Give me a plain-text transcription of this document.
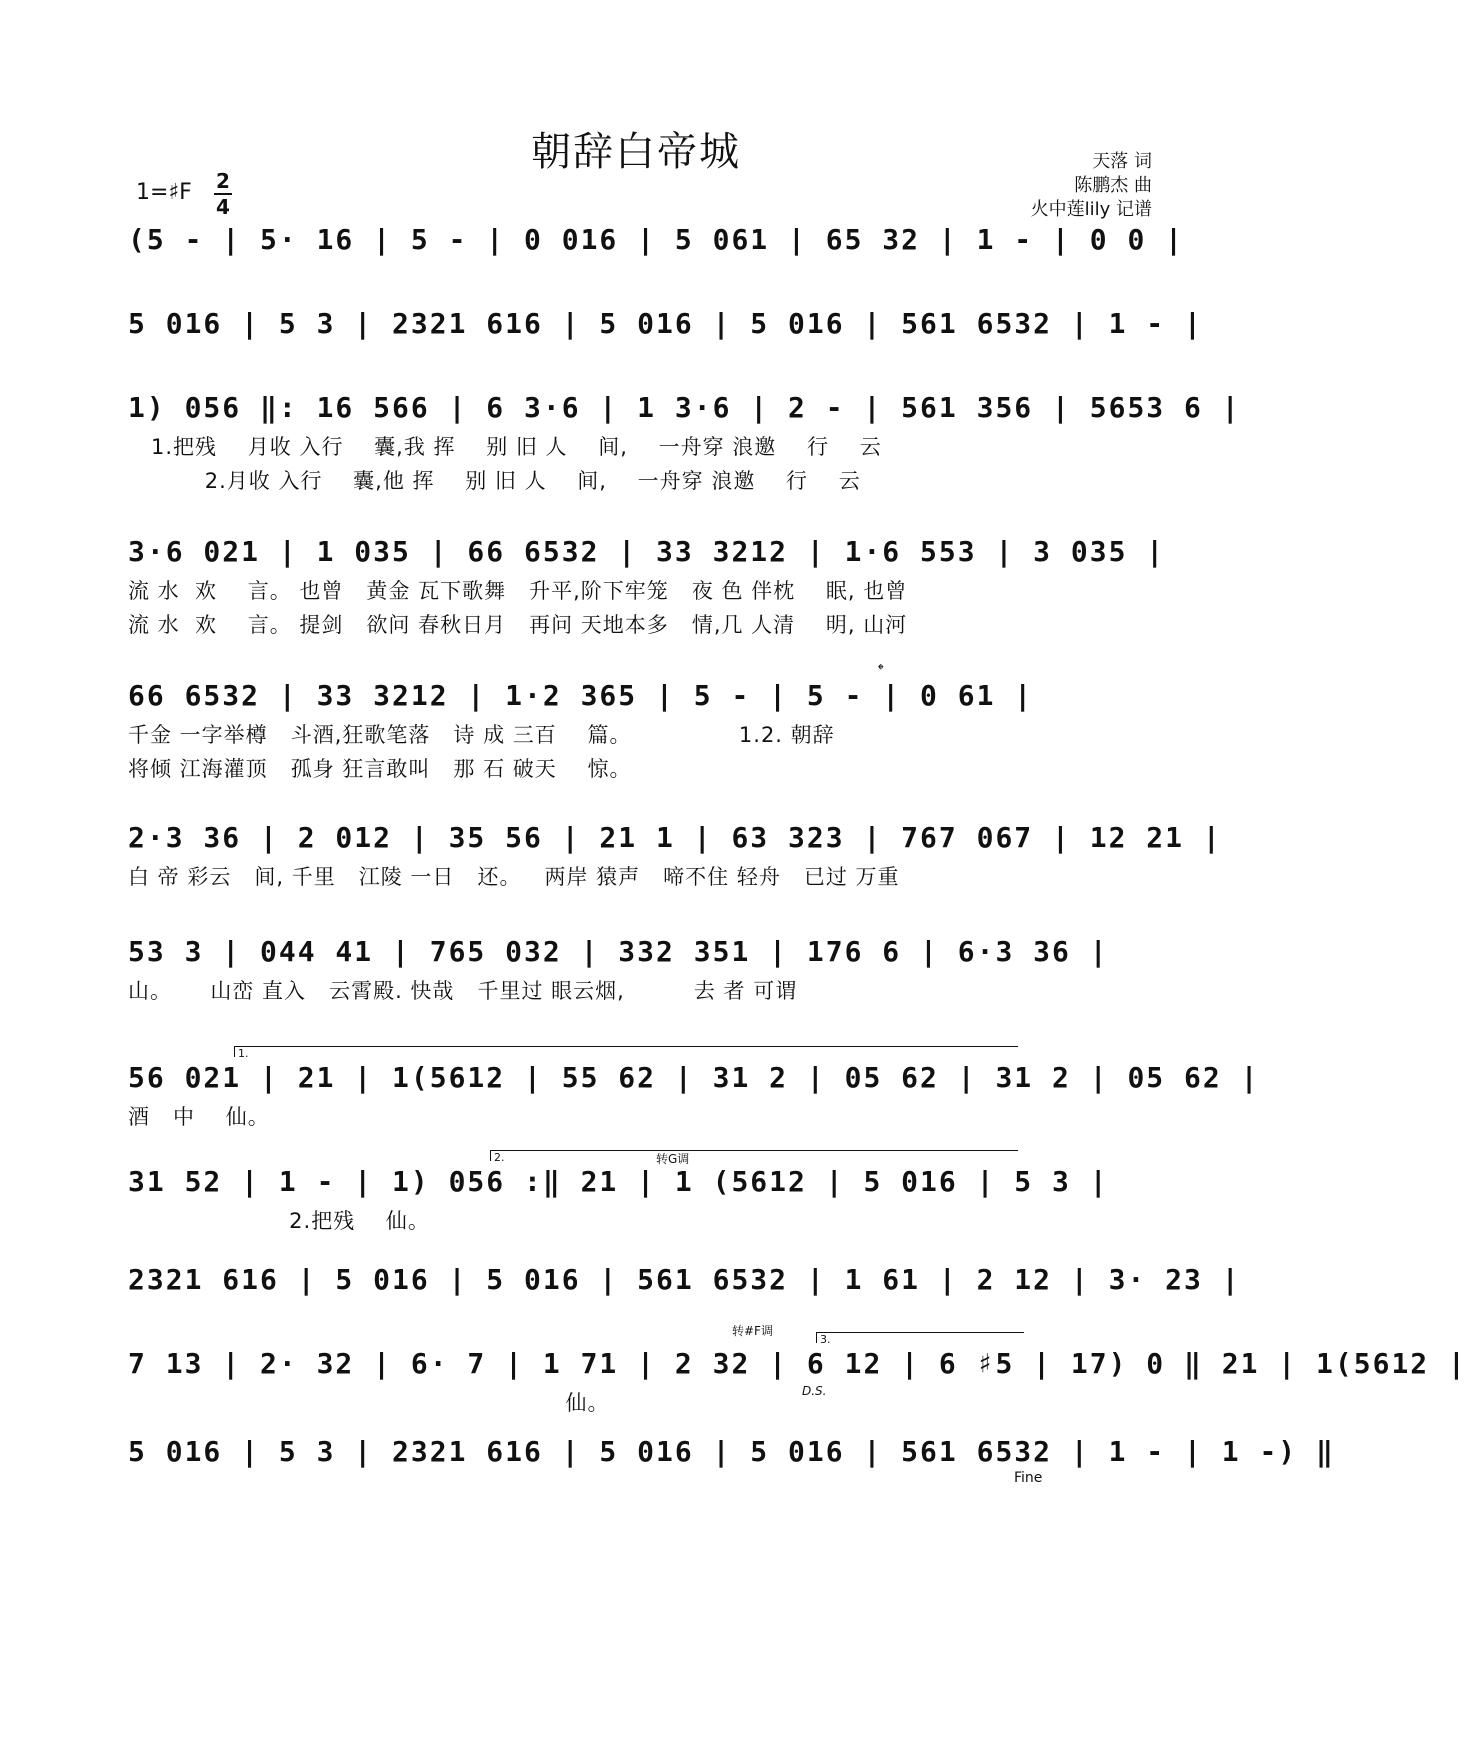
朝辞白帝城	天落 词
陈鹏杰 曲
火中莲lily 记谱
1=♯F 2
4
(5 - | 5· 16 | 5 - | 0 016 | 5 061 | 65 32 | 1 - | 0 0 |
5 016 | 5 3 | 2321 616 | 5 016 | 5 016 | 561 6532 | 1 - |
1) 056 ‖: 16 566 | 6 3·6 | 1 3·6 | 2 - | 561 356 | 5653 6 |
1.把残    月收 入行    囊,我 挥    别 旧 人    间,    一舟穿 浪邀    行    云
2.月收 入行    囊,他 挥    别 旧 人    间,    一舟穿 浪邀    行    云
3·6 021 | 1 035 | 66 6532 | 33 3212 | 1·6 553 | 3 035 |
流 水  欢    言。 也曾   黄金 瓦下歌舞   升平,阶下牢笼   夜 色 伴枕    眠, 也曾
流 水  欢    言。 提剑   欲问 春秋日月   再问 天地本多   情,几 人清    明, 山河
66 6532 | 33 3212 | 1·2 365 | 5 - | 5 - | 0 61 |
千金 一字举樽   斗酒,狂歌笔落   诗 成 三百    篇。              1.2. 朝辞
将倾 江海灌顶   孤身 狂言敢叫   那 石 破天    惊。
2·3 36 | 2 012 | 35 56 | 21 1 | 63 323 | 767 067 | 12 21 |
白 帝 彩云   间, 千里   江陵 一日   还。   两岸 猿声   啼不住 轻舟   已过 万重
53 3 | 044 41 | 765 032 | 332 351 | 176 6 | 6·3 36 |
山。     山峦 直入   云霄殿. 快哉   千里过 眼云烟,         去 者 可谓
56 021 | 21 | 1(5612 | 55 62 | 31 2 | 05 62 | 31 2 | 05 62 |
酒   中    仙。
31 52 | 1 - | 1) 056 :‖ 21 | 1 (5612 | 5 016 | 5 3 |
2.把残    仙。
2321 616 | 5 016 | 5 016 | 561 6532 | 1 61 | 2 12 | 3· 23 |
7 13 | 2· 32 | 6· 7 | 1 71 | 2 32 | 6 12 | 6 ♯5 | 17) 0 ‖ 21 | 1(5612 |
仙。
5 016 | 5 3 | 2321 616 | 5 016 | 5 016 | 561 6532 | 1 - | 1 -) ‖
𝄌
1.
2.	转G调
转#F调
3.
D.S.
Fine
